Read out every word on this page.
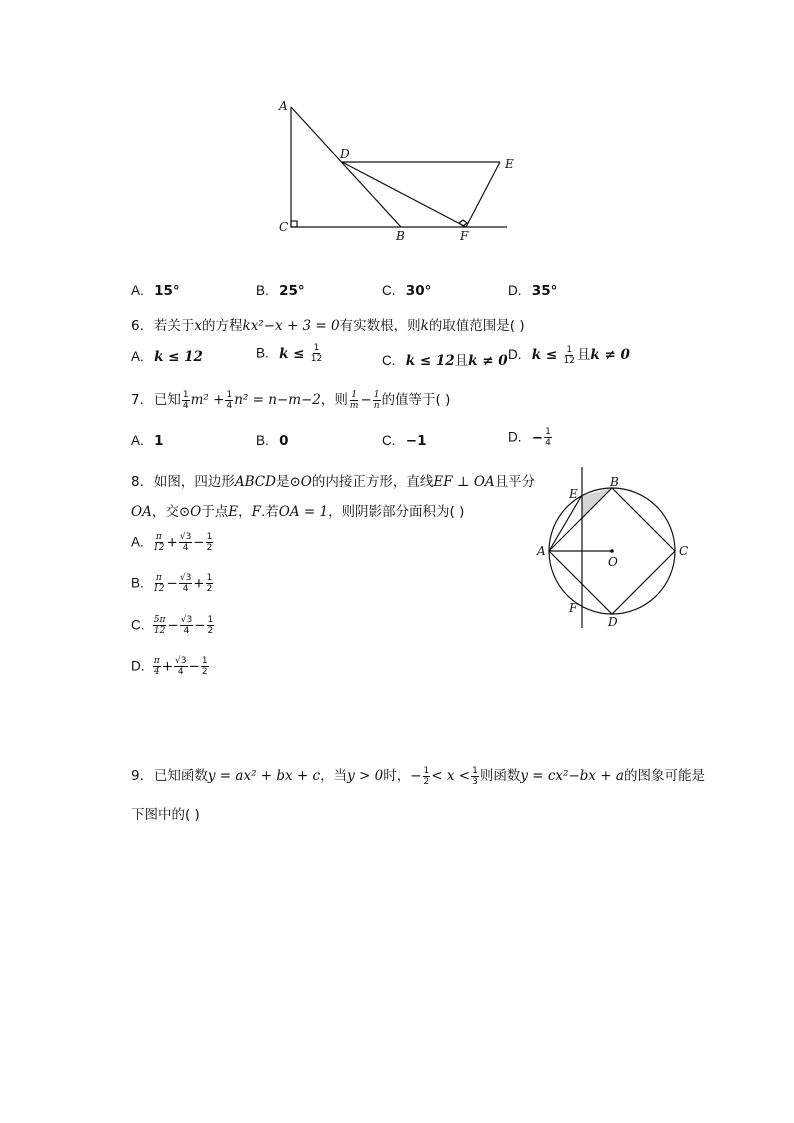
A
C
B
D
E
F
A. 15°	B. 25°	C. 30°	D. 35°
6. 若关于x的方程kx²−x + 3 = 0有实数根，则k的取值范围是( )
A. k ≤ 12	B. $k \le \frac{1}{12}$	C. k ≤ 12且k ≠ 0 D. $k \le \frac{1}{12}$ 且k ≠ 0
7. 已知 $\frac{1}{4} m^2 + \frac{1}{4} n^2 = n-m-2$，则 $\frac{1}{m} - \frac{1}{n}$ 的值等于( )
A. 1	B. 0	C. −1	D. − $\frac{1}{4}$
8. 如图，四边形ABCD是⊙O的内接正方形，直线EF ⊥ OA且平分
OA，交⊙O于点E，F.若OA = 1，则阴影部分面积为( )
A. $\frac{\pi}{12} + \frac{√3}{4} - \frac{1}{2}$
B. $\frac{\pi}{12} - \frac{√3}{4} + \frac{1}{2}$
C. $\frac{5\pi}{12} - \frac{√3}{4} - \frac{1}{2}$
D. $\frac{\pi}{4} + \frac{√3}{4} - \frac{1}{2}$
A
B
C
D
E
F
O
9. 已知函数y = ax² + bx + c，当y > 0时，− $\frac{1}{2} < x < \frac{1}{3}$ 则函数y = cx²−bx + a的图象可能是
下图中的( )
